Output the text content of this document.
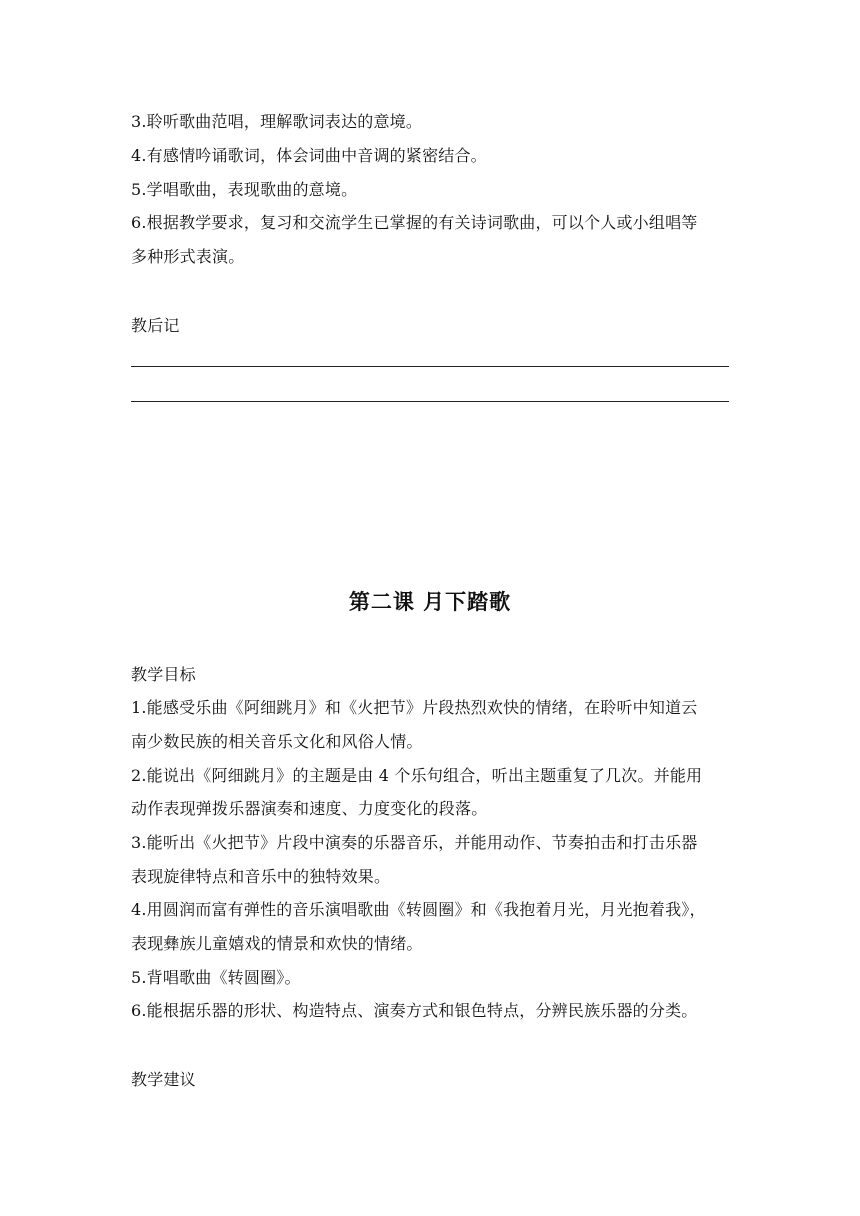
3.聆听歌曲范唱，理解歌词表达的意境。
4.有感情吟诵歌词，体会词曲中音调的紧密结合。
5.学唱歌曲，表现歌曲的意境。
6.根据教学要求，复习和交流学生已掌握的有关诗词歌曲，可以个人或小组唱等
多种形式表演。
教后记
第二课 月下踏歌
教学目标
1.能感受乐曲《阿细跳月》和《火把节》片段热烈欢快的情绪，在聆听中知道云
南少数民族的相关音乐文化和风俗人情。
2.能说出《阿细跳月》的主题是由 4 个乐句组合，听出主题重复了几次。并能用
动作表现弹拨乐器演奏和速度、力度变化的段落。
3.能听出《火把节》片段中演奏的乐器音乐，并能用动作、节奏拍击和打击乐器
表现旋律特点和音乐中的独特效果。
4.用圆润而富有弹性的音乐演唱歌曲《转圆圈》和《我抱着月光，月光抱着我》，
表现彝族儿童嬉戏的情景和欢快的情绪。
5.背唱歌曲《转圆圈》。
6.能根据乐器的形状、构造特点、演奏方式和银色特点，分辨民族乐器的分类。
教学建议
